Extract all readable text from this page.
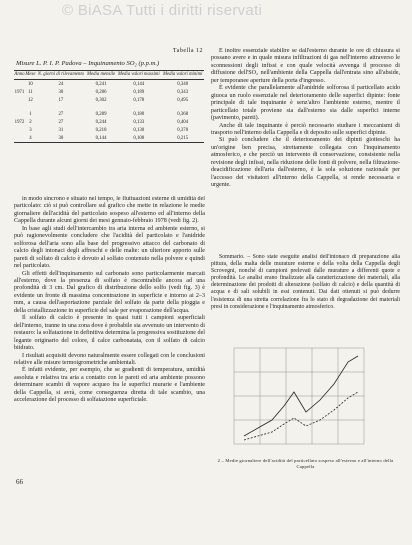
© BiASA Tutti i diritti riservati
Tabella 12
Misure L. P. I. P. Padova – Inquinamento SO₂ (p.p.m.)
Anno	Mese	N. giorni di rilevamento	Media mensile	Media valori massimi	Media valori minimi
	10	24	0,241	0,144	0,340
1971	11	30	0,286	0,189	0,343
	12	17	0,302	0,178	0,495

	1	27	0,289	0,180	0,368
1972	2	27	0,244	0,133	0,404
	3	31	0,218	0,130	0,370
	4	30	0,144	0,108	0,215

in modo sincrono e situato nel tempo, le fluttuazioni esterne di umidità del particolato: ciò si può controllare sul grafico che mette in relazione le medie giornaliere dell'acidità del particolato sospeso all'esterno ed all'interno della Cappella durante alcuni giorni dei mesi gennaio-febbraio 1978 (vedi fig. 2).

In base agli studi dell'intercambio tra aria interna ed ambiente esterno, si può ragionevolmente concludere che l'acidità del particolato e l'anidride solforosa dell'aria sono alla base del progressivo attacco del carbonato di calcio degli intonaci degli affreschi e delle malte: un ulteriore apporto sulle pareti di solfato di calcio è dovuto al solfato contenuto nella polvere e quindi nel particolato.

Gli effetti dell'inquinamento sul carbonato sono particolarmente marcati all'esterno, dove la presenza di solfato è riscontrabile ancora ad una profondità di 3 cm. Dal grafico di distribuzione dello solfo (vedi fig. 3) è evidente un fronte di massima concentrazione in superficie e intorno ai 2–3 mm, a causa dell'asportazione parziale del solfato da parte della pioggia e della cristallizzazione in superficie del sale per evaporazione dell'acqua.

Il solfato di calcio è presente in quasi tutti i campioni superficiali dell'interno, tranne in una zona dove è probabile sia avvenuto un intervento di restauro: la solfatazione in definitiva determina la progressiva sostituzione del legante originario del colore, il calce carbonatata, con il solfato di calcio biidrato.

I risultati acquisiti devono naturalmente essere collegati con le conclusioni relative alle misure termoigrometriche ambientali.

È infatti evidente, per esempio, che se gradienti di temperatura, umidità assoluta e relativa tra aria a contatto con le pareti ed aria ambiente possono determinare scambi di vapore acqueo fra le superfici murarie e l'ambiente della Cappella, si avrà, come conseguenza diretta di tale scambio, una accelerazione del processo di solfatazione superficiale.

È inoltre essenziale stabilire se dall'esterno durante le ore di chiusura si possano avere e in quale misura infiltrazioni di gas nell'interno attraverso le sconnessioni degli infissi e con quale velocità avvenga il processo di diffusione dell'SO₂ nell'ambiente della Cappella dall'entrata sino all'abside, per temporanee aperture della porta d'ingresso.

È evidente che parallelamente all'anidride solforosa il particellato acido giuoca un ruolo essenziale nel deterioramento delle superfici dipinte: fonte principale di tale inquinante è senz'altro l'ambiente esterno, mentre il particellato totale proviene sia dall'esterno sia dalle superfici interne (pavimento, pareti).

Anche di tale inquinante è perciò necessario studiare i meccanismi di trasporto nell'interno della Cappella e di deposito sulle superfici dipinte.

Si può concludere che il deterioramento dei dipinti giotteschi ha un'origine ben precisa, strettamente collegata con l'inquinamento atmosferico, e che perciò un intervento di conservazione, consistente nella revisione degli infissi, nella riduzione delle fonti di polvere, nella filtrazione-deacidificazione dell'aria dall'esterno, è la sola soluzione razionale per l'accesso dei visitatori all'interno della Cappella, si rende necessaria e urgente.

Sommario. – Sono state eseguite analisi dell'intonaco di preparazione alla pittura, della malta delle murature esterne e della volta della Cappella degli Scrovegni, nonché di campioni prelevati dalle murature a differenti quote e profondità. Le analisi erano finalizzate alla caratterizzazione dei materiali, alla determinazione dei prodotti di alterazione (solfato di calcio) e della quantità di acqua e di sali solubili in essi contenuti. Dai dati ottenuti si può dedurre l'esistenza di una stretta correlazione fra lo stato di degradazione dei materiali presi in considerazione e l'inquinamento atmosferico.

2 – Medie giornaliere dell'acidità del particellato sospeso all'esterno e all'interno della Cappella
66
